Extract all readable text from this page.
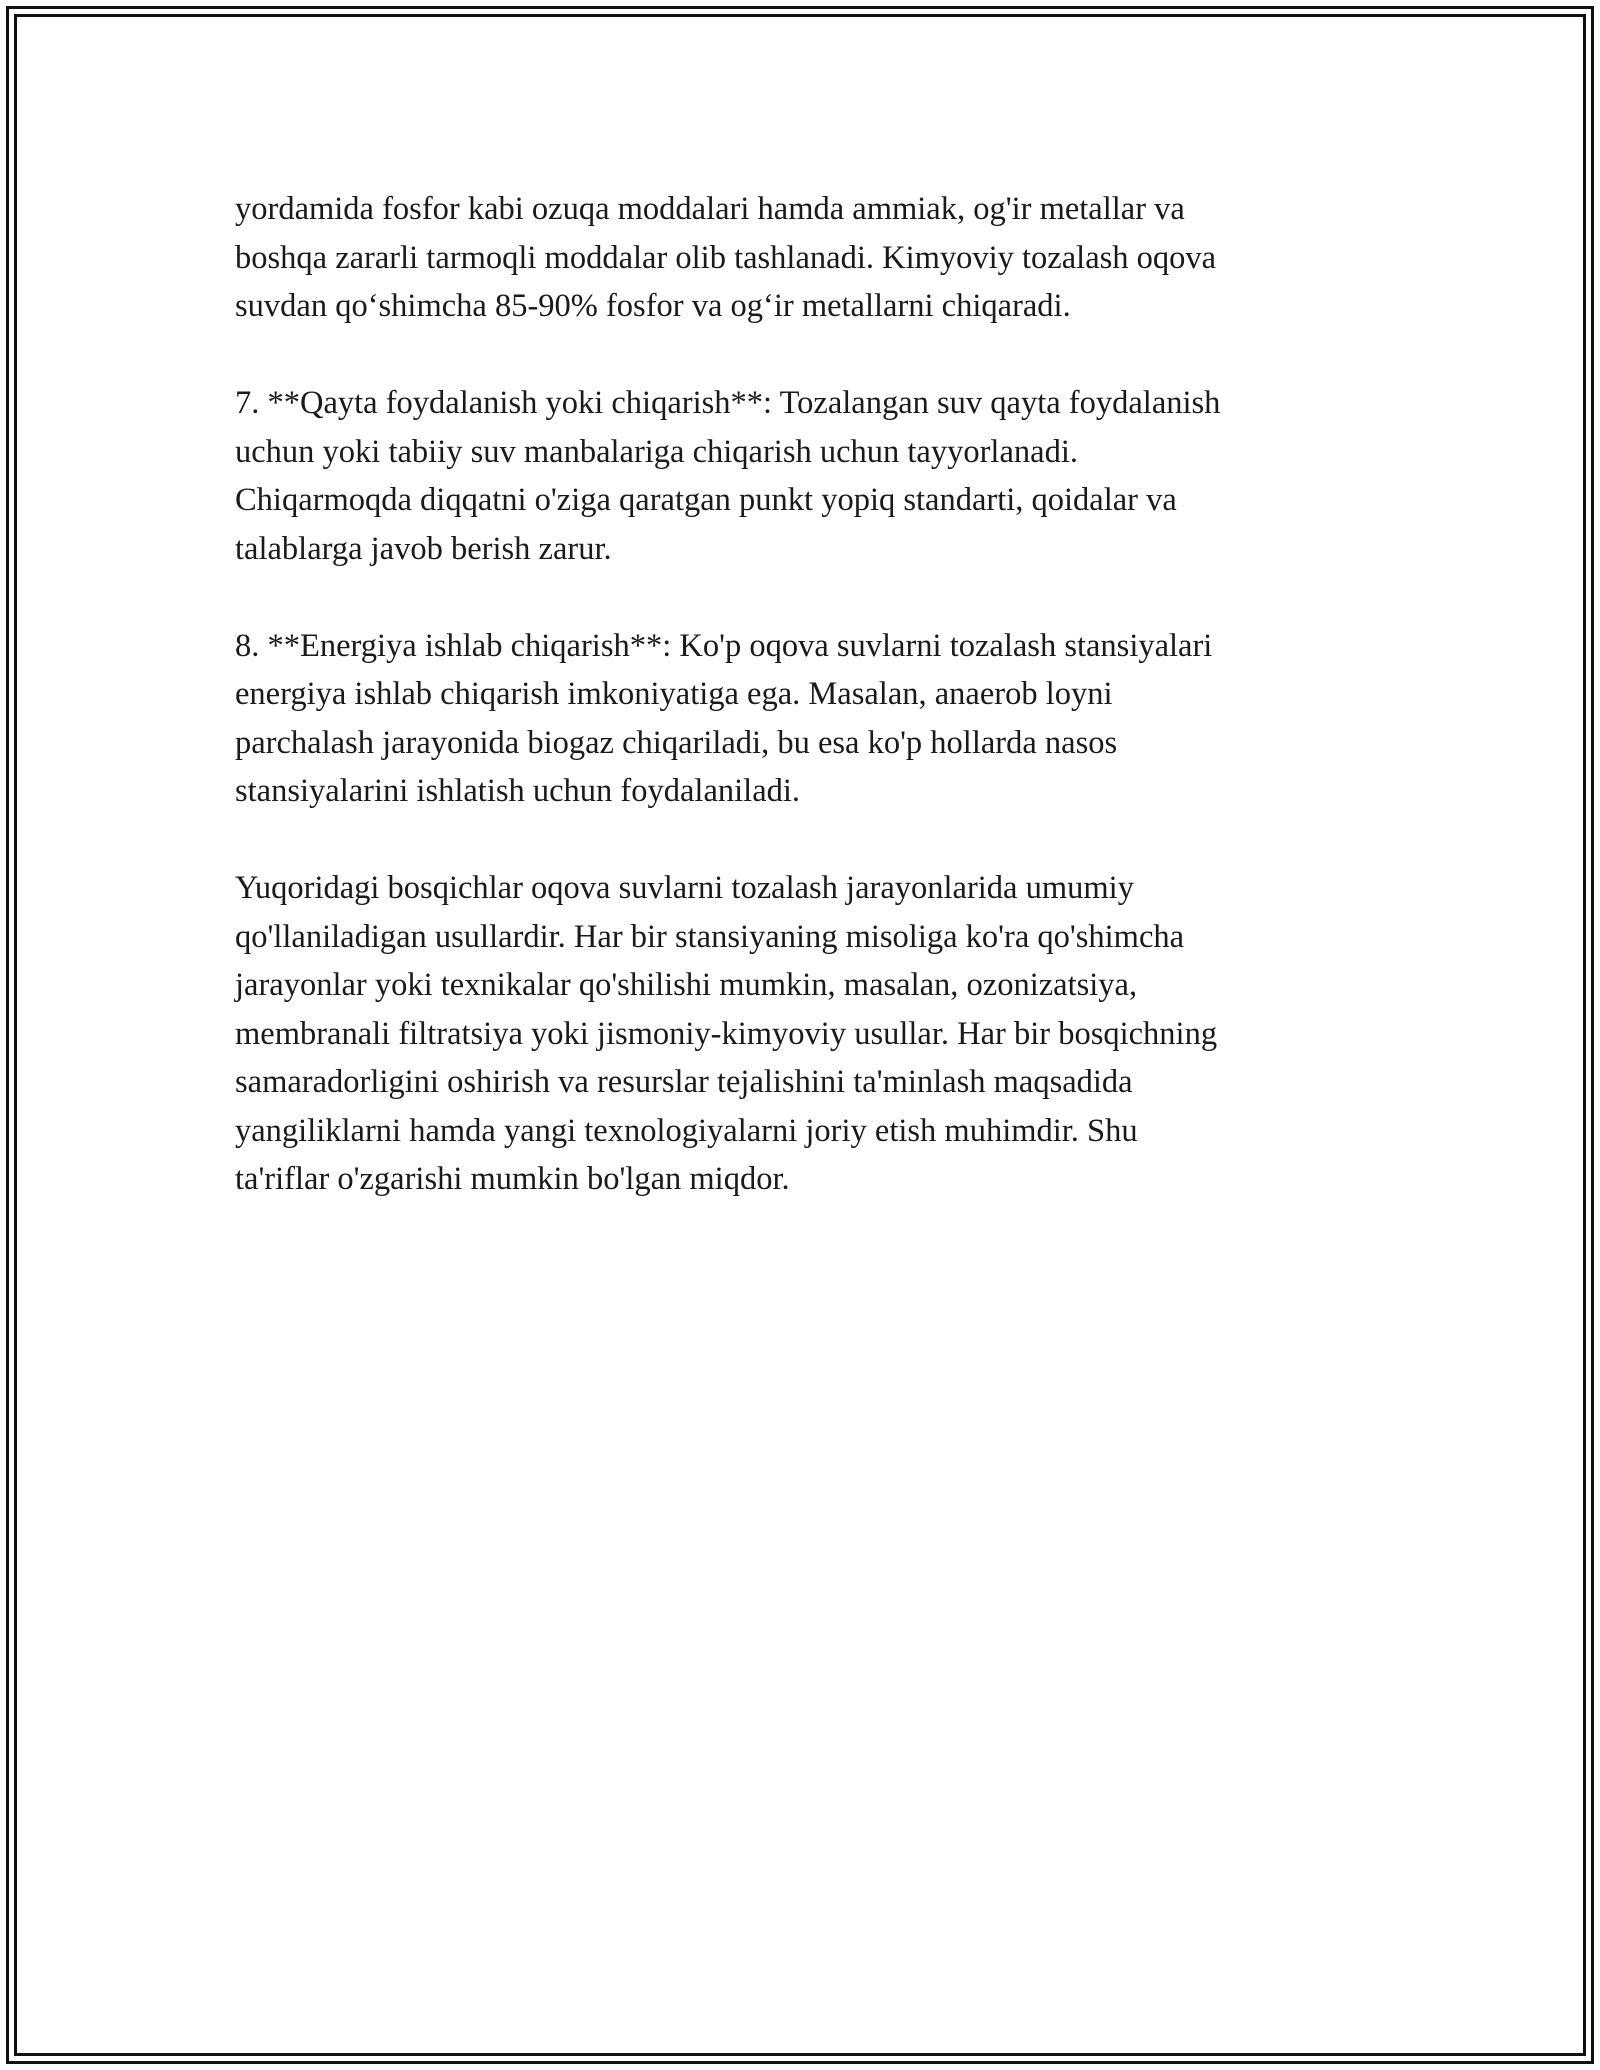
yordamida fosfor kabi ozuqa moddalari hamda ammiak, og'ir metallar va
boshqa zararli tarmoqli moddalar olib tashlanadi. Kimyoviy tozalash oqova
suvdan qo‘shimcha 85-90% fosfor va og‘ir metallarni chiqaradi.

7. **Qayta foydalanish yoki chiqarish**: Tozalangan suv qayta foydalanish
uchun yoki tabiiy suv manbalariga chiqarish uchun tayyorlanadi.
Chiqarmoqda diqqatni o'ziga qaratgan punkt yopiq standarti, qoidalar va
talablarga javob berish zarur.

8. **Energiya ishlab chiqarish**: Ko'p oqova suvlarni tozalash stansiyalari
energiya ishlab chiqarish imkoniyatiga ega. Masalan, anaerob loyni
parchalash jarayonida biogaz chiqariladi, bu esa ko'p hollarda nasos
stansiyalarini ishlatish uchun foydalaniladi.

Yuqoridagi bosqichlar oqova suvlarni tozalash jarayonlarida umumiy
qo'llaniladigan usullardir. Har bir stansiyaning misoliga ko'ra qo'shimcha
jarayonlar yoki texnikalar qo'shilishi mumkin, masalan, ozonizatsiya,
membranali filtratsiya yoki jismoniy-kimyoviy usullar. Har bir bosqichning
samaradorligini oshirish va resurslar tejalishini ta'minlash maqsadida
yangiliklarni hamda yangi texnologiyalarni joriy etish muhimdir. Shu
ta'riflar o'zgarishi mumkin bo'lgan miqdor.
